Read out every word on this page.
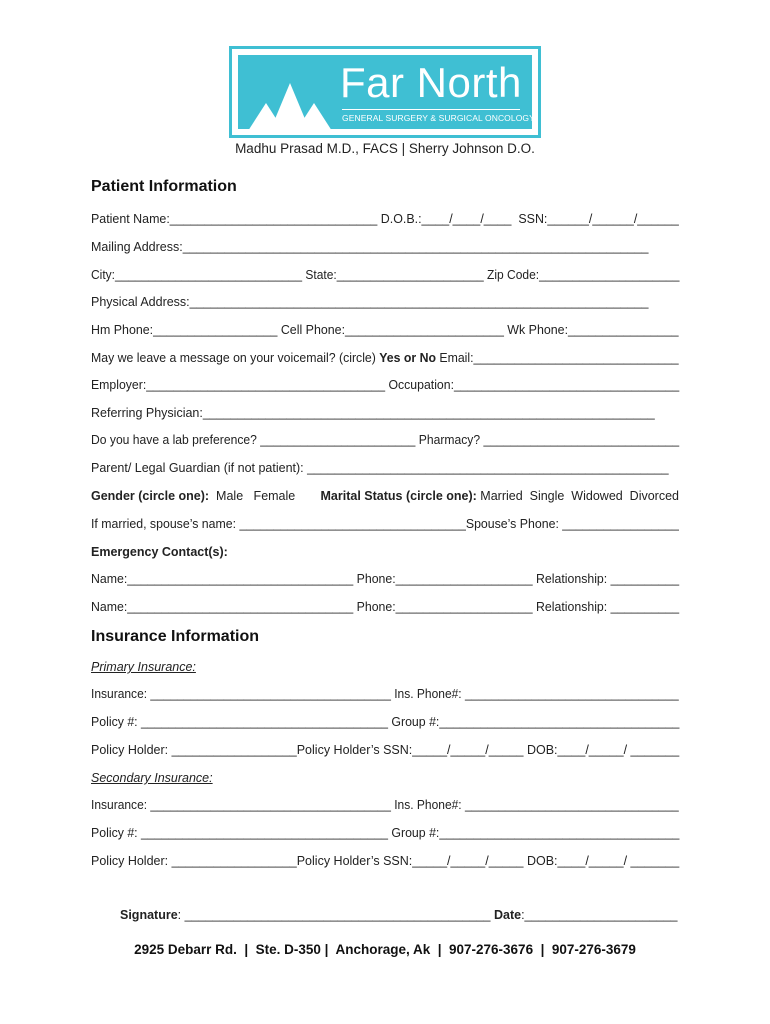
Far North
GENERAL SURGERY & SURGICAL ONCOLOGY
Madhu Prasad M.D., FACS | Sherry Johnson D.O.
Patient Information
Patient Name:______________________________ D.O.B.:____/____/____  SSN:______/______/______
Mailing Address:___________________________________________________________________
City:____________________________ State:______________________ Zip Code:_____________________
Physical Address:__________________________________________________________________
Hm Phone:__________________ Cell Phone:_______________________ Wk Phone:________________
May we leave a message on your voicemail? (circle) Yes or No Email:______________________________
Employer:___________________________________ Occupation:_________________________________
Referring Physician:_________________________________________________________________
Do you have a lab preference? _______________________ Pharmacy? _____________________________
Parent/ Legal Guardian (if not patient): ____________________________________________________
Gender (circle one): Male   Female Marital Status (circle one): Married  Single  Widowed  Divorced
If married, spouse’s name: _________________________________Spouse’s Phone: _________________
Emergency Contact(s):
Name:_________________________________ Phone:____________________ Relationship: __________
Name:_________________________________ Phone:____________________ Relationship: __________
Insurance Information
Primary Insurance:
Insurance: ____________________________________ Ins. Phone#: ________________________________
Policy #: ____________________________________ Group #:___________________________________
Policy Holder: __________________Policy Holder’s SSN:_____/_____/_____ DOB:____/_____/ _______
Secondary Insurance:
Insurance: ____________________________________ Ins. Phone#: ________________________________
Policy #: ____________________________________ Group #:___________________________________
Policy Holder: __________________Policy Holder’s SSN:_____/_____/_____ DOB:____/_____/ _______
Signature: ____________________________________________ Date:______________________
2925 Debarr Rd.  |  Ste. D-350 |  Anchorage, Ak  |  907-276-3676  |  907-276-3679
